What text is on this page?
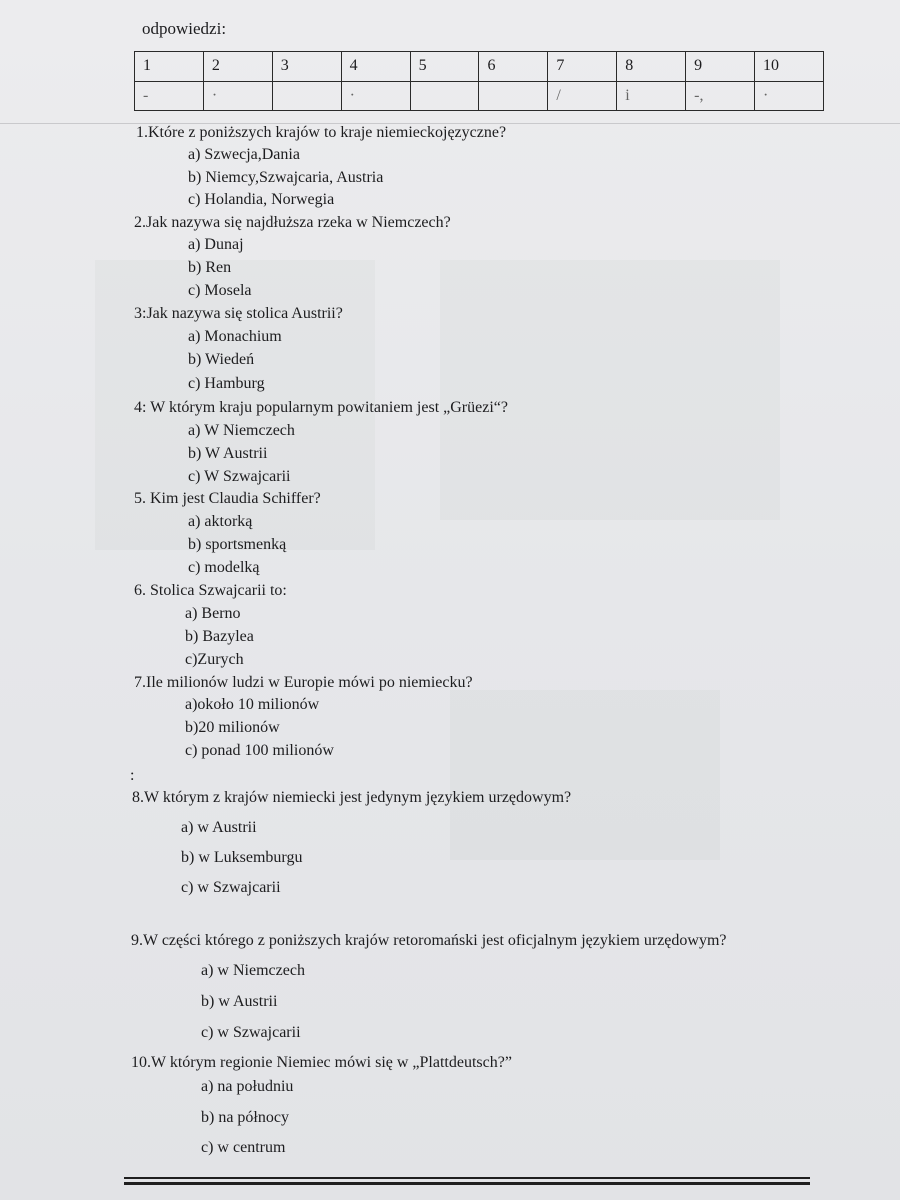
odpowiedzi:
1	2	3	4	5	6	7	8	9	10
-	·		·			/	i	-,	·
1.Które z poniższych krajów to kraje niemieckojęzyczne?
a) Szwecja,Dania
b) Niemcy,Szwajcaria, Austria
c) Holandia, Norwegia
2.Jak nazywa się najdłuższa rzeka w Niemczech?
a) Dunaj
b) Ren
c) Mosela
3:Jak nazywa się stolica Austrii?
a) Monachium
b) Wiedeń
c) Hamburg
4: W którym kraju popularnym powitaniem jest „Grüezi“?
a) W Niemczech
b) W Austrii
c) W Szwajcarii
5. Kim jest Claudia Schiffer?
a) aktorką
b) sportsmenką
c) modelką
6. Stolica Szwajcarii to:
a) Berno
b) Bazylea
c)Zurych
7.Ile milionów ludzi w Europie mówi po niemiecku?
a)około 10 milionów
b)20 milionów
c) ponad 100 milionów
:
8.W którym z krajów niemiecki jest jedynym językiem urzędowym?
a) w Austrii
b) w Luksemburgu
c) w Szwajcarii
9.W części którego z poniższych krajów retoromański jest oficjalnym językiem urzędowym?
a) w Niemczech
b) w Austrii
c) w Szwajcarii
10.W którym regionie Niemiec mówi się w „Plattdeutsch?”
a) na południu
b) na północy
c) w centrum
